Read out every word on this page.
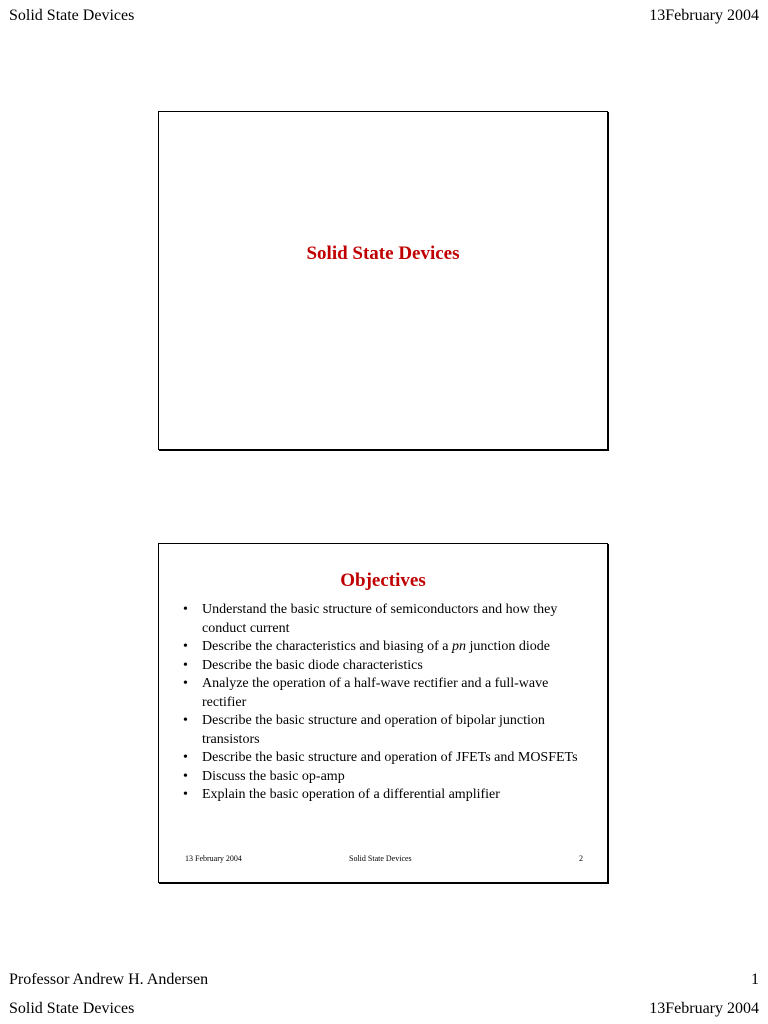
Solid State Devices	13February 2004
Solid State Devices
Objectives
• Understand the basic structure of semiconductors and how they conduct current
• Describe the characteristics and biasing of a pn junction diode
• Describe the basic diode characteristics
• Analyze the operation of a half-wave rectifier and a full-wave rectifier
• Describe the basic structure and operation of bipolar junction transistors
• Describe the basic structure and operation of JFETs and MOSFETs
• Discuss the basic op-amp
• Explain the basic operation of a differential amplifier
13 February 2004	Solid State Devices	2
Professor Andrew H. Andersen	1
Solid State Devices	13February 2004
